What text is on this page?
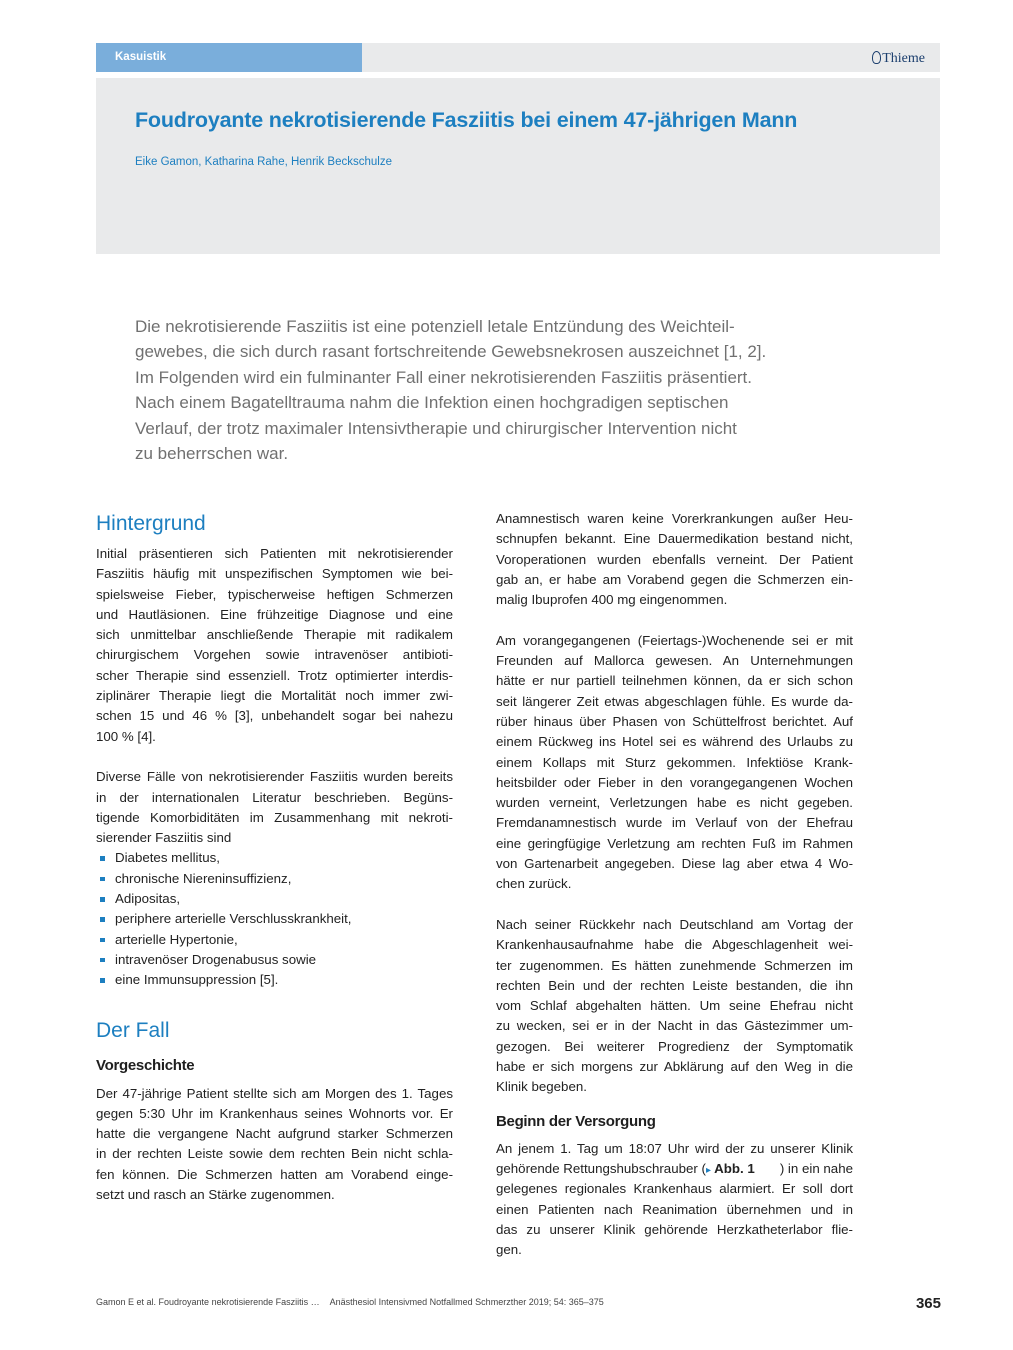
Kasuistik	Thieme
Foudroyante nekrotisierende Fasziitis bei einem 47-jährigen Mann
Eike Gamon, Katharina Rahe, Henrik Beckschulze

Die nekrotisierende Fasziitis ist eine potenziell letale Entzündung des Weichteil-
gewebes, die sich durch rasant fortschreitende Gewebsnekrosen auszeichnet [1, 2].
Im Folgenden wird ein fulminanter Fall einer nekrotisierenden Fasziitis präsentiert.
Nach einem Bagatelltrauma nahm die Infektion einen hochgradigen septischen
Verlauf, der trotz maximaler Intensivtherapie und chirurgischer Intervention nicht
zu beherrschen war.

Hintergrund
Initial präsentieren sich Patienten mit nekrotisierender
Fasziitis häufig mit unspezifischen Symptomen wie bei-
spielsweise Fieber, typischerweise heftigen Schmerzen
und Hautläsionen. Eine frühzeitige Diagnose und eine
sich unmittelbar anschließende Therapie mit radikalem
chirurgischem Vorgehen sowie intravenöser antibioti-
scher Therapie sind essenziell. Trotz optimierter interdis-
ziplinärer Therapie liegt die Mortalität noch immer zwi-
schen 15 und 46 % [3], unbehandelt sogar bei nahezu
100 % [4].
Diverse Fälle von nekrotisierender Fasziitis wurden bereits
in der internationalen Literatur beschrieben. Begüns-
tigende Komorbiditäten im Zusammenhang mit nekroti-
sierender Fasziitis sind
Diabetes mellitus,
chronische Niereninsuffizienz,
Adipositas,
periphere arterielle Verschlusskrankheit,
arterielle Hypertonie,
intravenöser Drogenabusus sowie
eine Immunsuppression [5].
Der Fall
Vorgeschichte
Der 47-jährige Patient stellte sich am Morgen des 1. Tages
gegen 5:30 Uhr im Krankenhaus seines Wohnorts vor. Er
hatte die vergangene Nacht aufgrund starker Schmerzen
in der rechten Leiste sowie dem rechten Bein nicht schla-
fen können. Die Schmerzen hatten am Vorabend einge-
setzt und rasch an Stärke zugenommen.
Anamnestisch waren keine Vorerkrankungen außer Heu-
schnupfen bekannt. Eine Dauermedikation bestand nicht,
Voroperationen wurden ebenfalls verneint. Der Patient
gab an, er habe am Vorabend gegen die Schmerzen ein-
malig Ibuprofen 400 mg eingenommen.
Am vorangegangenen (Feiertags-)Wochenende sei er mit
Freunden auf Mallorca gewesen. An Unternehmungen
hätte er nur partiell teilnehmen können, da er sich schon
seit längerer Zeit etwas abgeschlagen fühle. Es wurde da-
rüber hinaus über Phasen von Schüttelfrost berichtet. Auf
einem Rückweg ins Hotel sei es während des Urlaubs zu
einem Kollaps mit Sturz gekommen. Infektiöse Krank-
heitsbilder oder Fieber in den vorangegangenen Wochen
wurden verneint, Verletzungen habe es nicht gegeben.
Fremdanamnestisch wurde im Verlauf von der Ehefrau
eine geringfügige Verletzung am rechten Fuß im Rahmen
von Gartenarbeit angegeben. Diese lag aber etwa 4 Wo-
chen zurück.
Nach seiner Rückkehr nach Deutschland am Vortag der
Krankenhausaufnahme habe die Abgeschlagenheit wei-
ter zugenommen. Es hätten zunehmende Schmerzen im
rechten Bein und der rechten Leiste bestanden, die ihn
vom Schlaf abgehalten hätten. Um seine Ehefrau nicht
zu wecken, sei er in der Nacht in das Gästezimmer um-
gezogen. Bei weiterer Progredienz der Symptomatik
habe er sich morgens zur Abklärung auf den Weg in die
Klinik begeben.
Beginn der Versorgung
An jenem 1. Tag um 18:07 Uhr wird der zu unserer Klinik
gehörende Rettungshubschrauber ( ▸ Abb. 1 ) in ein nahe
gelegenes regionales Krankenhaus alarmiert. Er soll dort
einen Patienten nach Reanimation übernehmen und in
das zu unserer Klinik gehörende Herzkatheterlabor flie-
gen.
Gamon E et al. Foudroyante nekrotisierende Fasziitis … Anästhesiol Intensivmed Notfallmed Schmerzther 2019; 54: 365–375	365
